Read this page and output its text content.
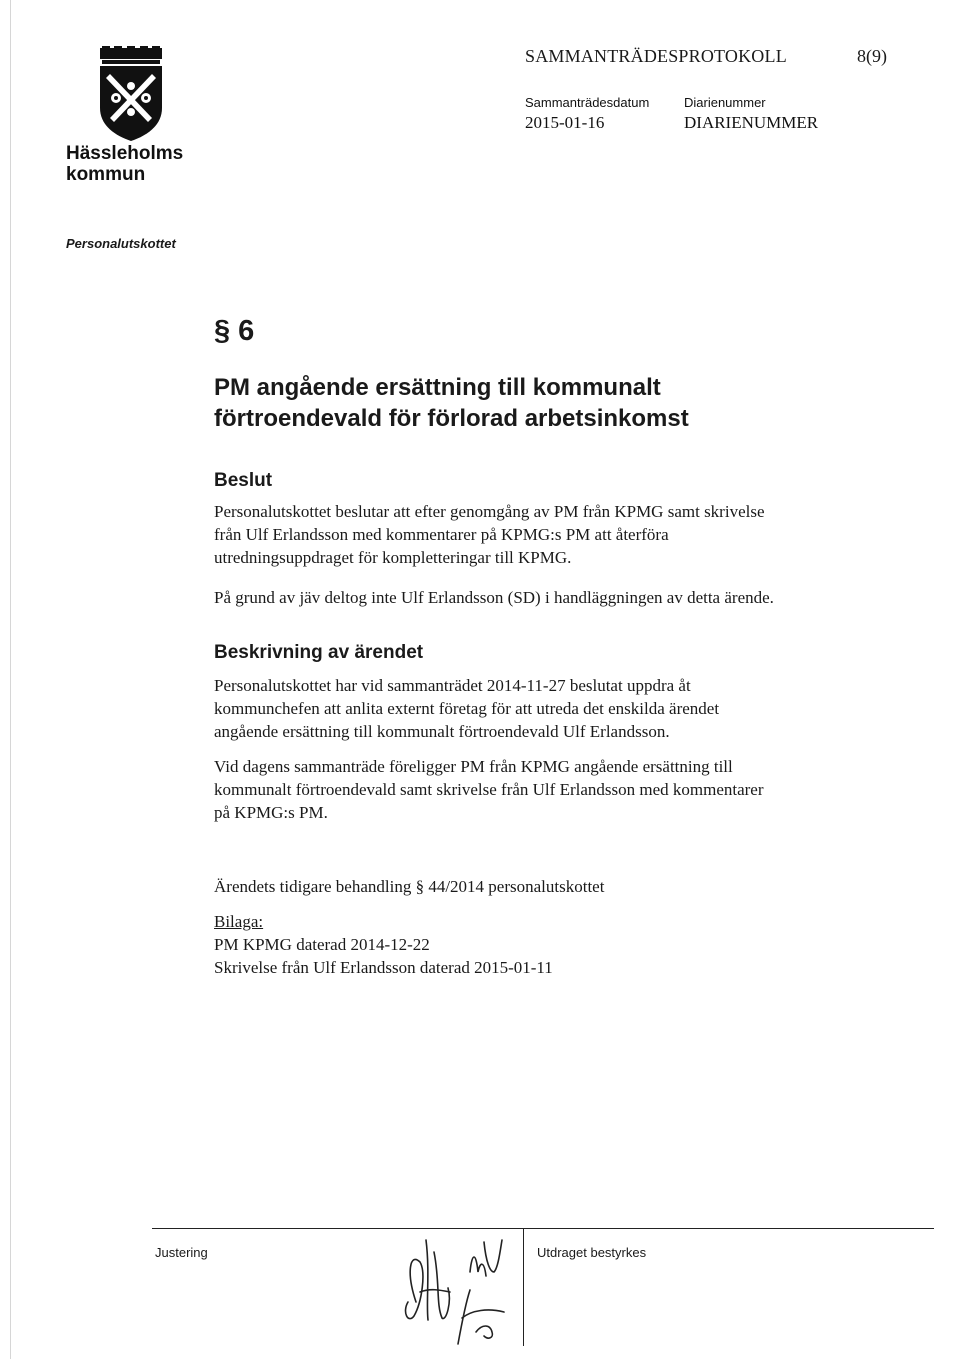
Hässleholms
kommun
SAMMANTRÄDESPROTOKOLL	8(9)
Sammanträdesdatum
2015-01-16
Diarienummer
DIARIENUMMER
Personalutskottet
§ 6
PM angående ersättning till kommunalt
förtroendevald för förlorad arbetsinkomst
Beslut

Personalutskottet beslutar att efter genomgång av PM från KPMG samt skrivelse

från Ulf Erlandsson med kommentarer på KPMG:s PM att återföra

utredningsuppdraget för kompletteringar till KPMG.

På grund av jäv deltog inte Ulf Erlandsson (SD) i handläggningen av detta ärende.
Beskrivning av ärendet

Personalutskottet har vid sammanträdet 2014-11-27 beslutat uppdra åt

kommunchefen att anlita externt företag för att utreda det enskilda ärendet

angående ersättning till kommunalt förtroendevald Ulf Erlandsson.

Vid dagens sammanträde föreligger PM från KPMG angående ersättning till

kommunalt förtroendevald samt skrivelse från Ulf Erlandsson med kommentarer

på KPMG:s PM.

Ärendets tidigare behandling § 44/2014 personalutskottet

Bilaga:

PM KPMG daterad 2014-12-22

Skrivelse från Ulf Erlandsson daterad 2015-01-11

Justering	Utdraget bestyrkes
